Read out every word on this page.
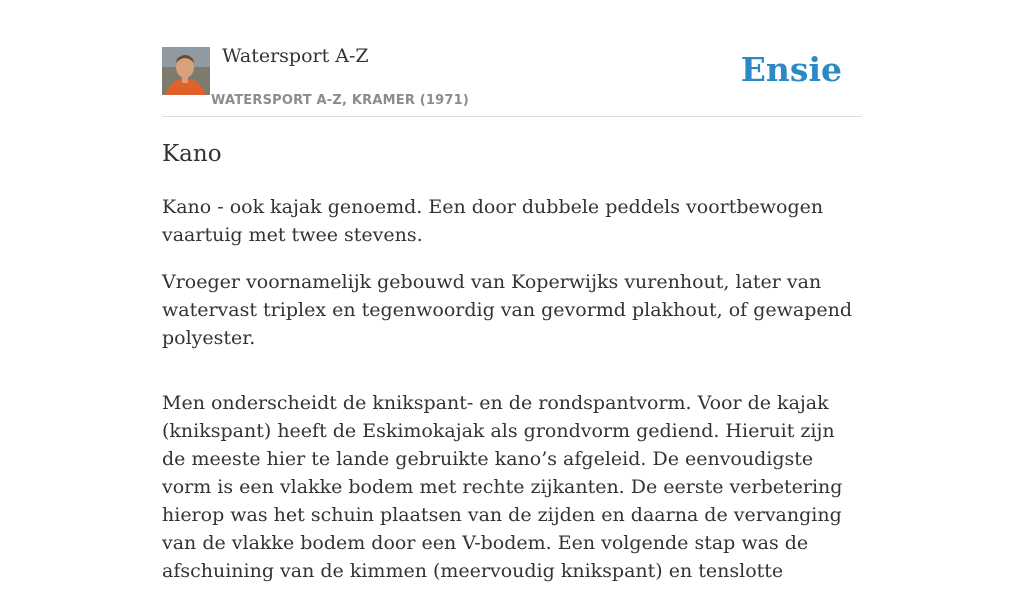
Watersport A-Z
WATERSPORT A-Z, KRAMER (1971)
Ensie
Kano

Kano - ook kajak genoemd. Een door dubbele peddels voortbewogen vaartuig met twee stevens.

Vroeger voornamelijk gebouwd van Koperwijks vurenhout, later van watervast triplex en tegenwoordig van gevormd plakhout, of gewapend polyester.

Men onderscheidt de knikspant- en de rondspantvorm. Voor de kajak (knikspant) heeft de Eskimokajak als grondvorm gediend. Hieruit zijn de meeste hier te lande gebruikte kano’s afgeleid. De eenvoudigste vorm is een vlakke bodem met rechte zijkanten. De eerste verbetering hierop was het schuin plaatsen van de zijden en daarna de vervanging van de vlakke bodem door een V-bodem. Een volgende stap was de afschuining van de kimmen (meervoudig knikspant) en tenslotte
